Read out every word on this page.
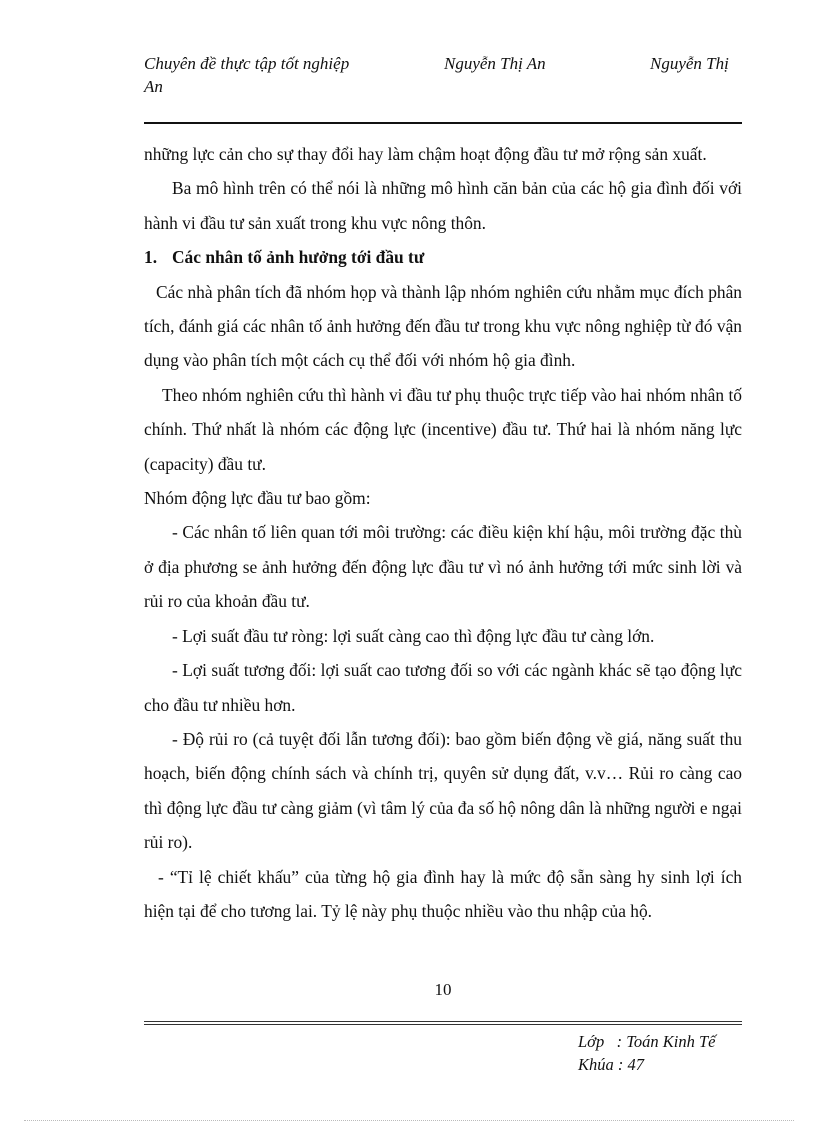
Chuyên đề thực tập tốt nghiệp	Nguyễn Thị An	Nguyễn Thị
An

những lực cản cho sự thay đổi hay làm chậm hoạt động đầu tư mở rộng sản xuất.

Ba mô hình trên có thể nói là những mô hình căn bản của các hộ gia đình đối với hành vi đầu tư sản xuất trong khu vực nông thôn.

1. Các nhân tố ảnh hưởng tới đầu tư

Các nhà phân tích đã nhóm họp và thành lập nhóm nghiên cứu nhằm mục đích phân tích, đánh giá các nhân tố ảnh hưởng đến đầu tư trong khu vực nông nghiệp từ đó vận dụng vào phân tích một cách cụ thể đối với nhóm hộ gia đình.

Theo nhóm nghiên cứu thì hành vi đầu tư phụ thuộc trực tiếp vào hai nhóm nhân tố chính. Thứ nhất là nhóm các động lực (incentive) đầu tư. Thứ hai là nhóm năng lực (capacity) đầu tư.

Nhóm động lực đầu tư bao gồm:

- Các nhân tố liên quan tới môi trường: các điều kiện khí hậu, môi trường đặc thù ở địa phương se ảnh hưởng đến động lực đầu tư vì nó ảnh hưởng tới mức sinh lời và rủi ro của khoản đầu tư.

- Lợi suất đầu tư ròng: lợi suất càng cao thì động lực đầu tư càng lớn.

- Lợi suất tương đối: lợi suất cao tương đối so với các ngành khác sẽ tạo động lực cho đầu tư nhiều hơn.

- Độ rủi ro (cả tuyệt đối lẫn tương đối): bao gồm biến động về giá, năng suất thu hoạch, biến động chính sách và chính trị, quyên sử dụng đất, v.v… Rủi ro càng cao thì động lực đầu tư càng giảm (vì tâm lý của đa số hộ nông dân là những người e ngại rủi ro).

- “Tỉ lệ chiết khấu” của từng hộ gia đình hay là mức độ sẵn sàng hy sinh lợi ích hiện tại để cho tương lai. Tỷ lệ này phụ thuộc nhiều vào thu nhập của hộ.

10
Lớp   : Toán Kinh Tế
Khúa : 47
